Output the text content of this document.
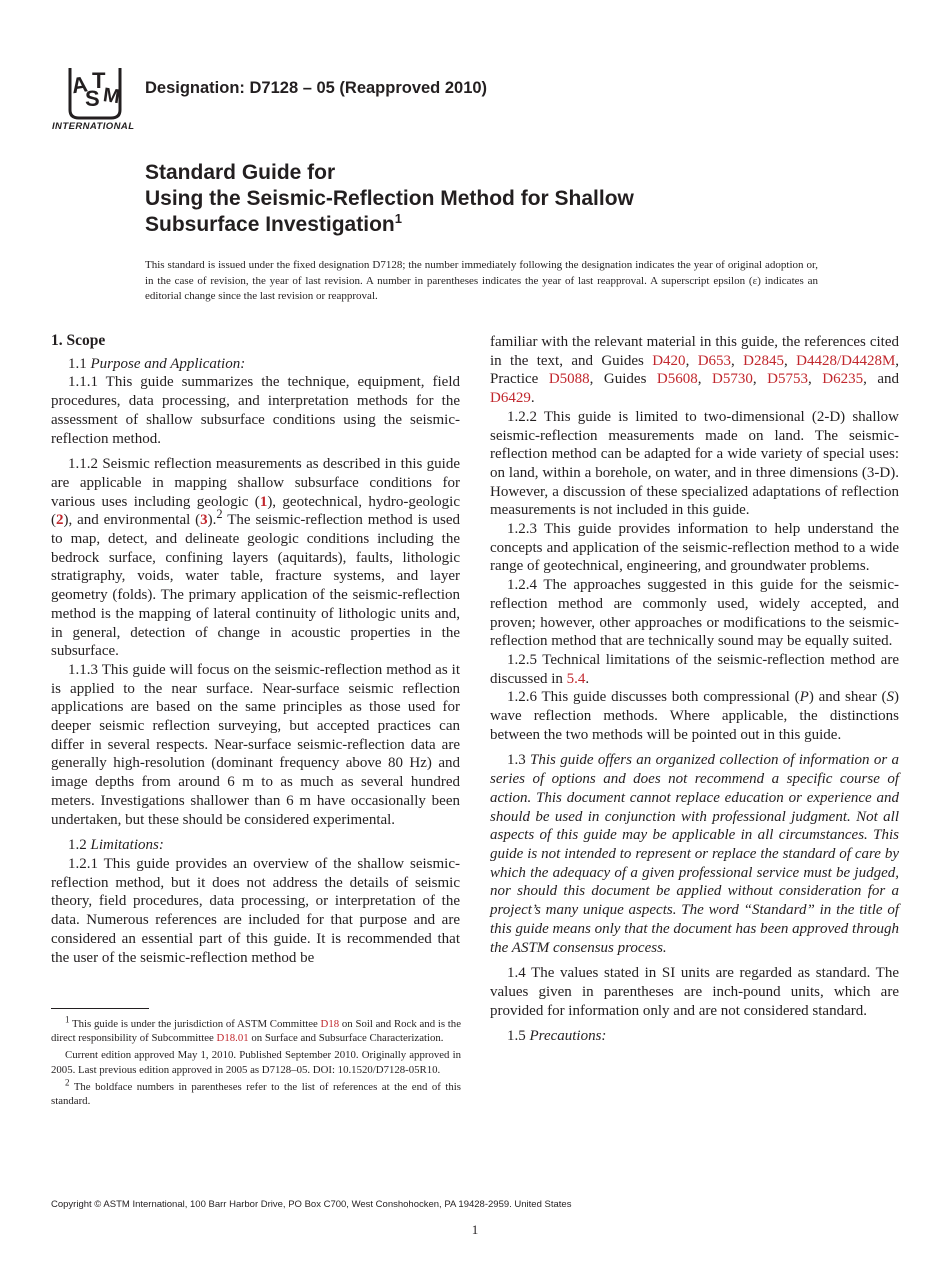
A
S
T
M
INTERNATIONAL
Designation: D7128 – 05 (Reapproved 2010)
Standard Guide for
Using the Seismic-Reflection Method for Shallow
Subsurface Investigation$^1$
This standard is issued under the fixed designation D7128; the number immediately following the designation indicates the year of original adoption or, in the case of revision, the year of last revision. A number in parentheses indicates the year of last reapproval. A superscript epsilon (ε) indicates an editorial change since the last revision or reapproval.

1. Scope

1.1 Purpose and Application:

1.1.1 This guide summarizes the technique, equipment, field procedures, data processing, and interpretation methods for the assessment of shallow subsurface conditions using the seismic-reflection method.

1.1.2 Seismic reflection measurements as described in this guide are applicable in mapping shallow subsurface conditions for various uses including geologic (1), geotechnical, hydro-geologic (2), and environmental (3).$^2$ The seismic-reflection method is used to map, detect, and delineate geologic conditions including the bedrock surface, confining layers (aquitards), faults, lithologic stratigraphy, voids, water table, fracture systems, and layer geometry (folds). The primary application of the seismic-reflection method is the mapping of lateral continuity of lithologic units and, in general, detection of change in acoustic properties in the subsurface.

1.1.3 This guide will focus on the seismic-reflection method as it is applied to the near surface. Near-surface seismic reflection applications are based on the same principles as those used for deeper seismic reflection surveying, but accepted practices can differ in several respects. Near-surface seismic-reflection data are generally high-resolution (dominant frequency above 80 Hz) and image depths from around 6 m to as much as several hundred meters. Investigations shallower than 6 m have occasionally been undertaken, but these should be considered experimental.

1.2 Limitations:

1.2.1 This guide provides an overview of the shallow seismic-reflection method, but it does not address the details of seismic theory, field procedures, data processing, or interpretation of the data. Numerous references are included for that purpose and are considered an essential part of this guide. It is recommended that the user of the seismic-reflection method be

familiar with the relevant material in this guide, the references cited in the text, and Guides D420, D653, D2845, D4428/D4428M, Practice D5088, Guides D5608, D5730, D5753, D6235, and D6429.

1.2.2 This guide is limited to two-dimensional (2-D) shallow seismic-reflection measurements made on land. The seismic-reflection method can be adapted for a wide variety of special uses: on land, within a borehole, on water, and in three dimensions (3-D). However, a discussion of these specialized adaptations of reflection measurements is not included in this guide.

1.2.3 This guide provides information to help understand the concepts and application of the seismic-reflection method to a wide range of geotechnical, engineering, and groundwater problems.

1.2.4 The approaches suggested in this guide for the seismic-reflection method are commonly used, widely accepted, and proven; however, other approaches or modifications to the seismic-reflection method that are technically sound may be equally suited.

1.2.5 Technical limitations of the seismic-reflection method are discussed in 5.4.

1.2.6 This guide discusses both compressional (P) and shear (S) wave reflection methods. Where applicable, the distinctions between the two methods will be pointed out in this guide.

1.3 This guide offers an organized collection of information or a series of options and does not recommend a specific course of action. This document cannot replace education or experience and should be used in conjunction with professional judgment. Not all aspects of this guide may be applicable in all circumstances. This guide is not intended to represent or replace the standard of care by which the adequacy of a given professional service must be judged, nor should this document be applied without consideration for a project’s many unique aspects. The word “Standard” in the title of this guide means only that the document has been approved through the ASTM consensus process.

1.4 The values stated in SI units are regarded as standard. The values given in parentheses are inch-pound units, which are provided for information only and are not considered standard.

1.5 Precautions:

$^1$ This guide is under the jurisdiction of ASTM Committee D18 on Soil and Rock and is the direct responsibility of Subcommittee D18.01 on Surface and Subsurface Characterization.

Current edition approved May 1, 2010. Published September 2010. Originally approved in 2005. Last previous edition approved in 2005 as D7128–05. DOI: 10.1520/D7128-05R10.

$^2$ The boldface numbers in parentheses refer to the list of references at the end of this standard.

Copyright © ASTM International, 100 Barr Harbor Drive, PO Box C700, West Conshohocken, PA 19428-2959. United States
1
